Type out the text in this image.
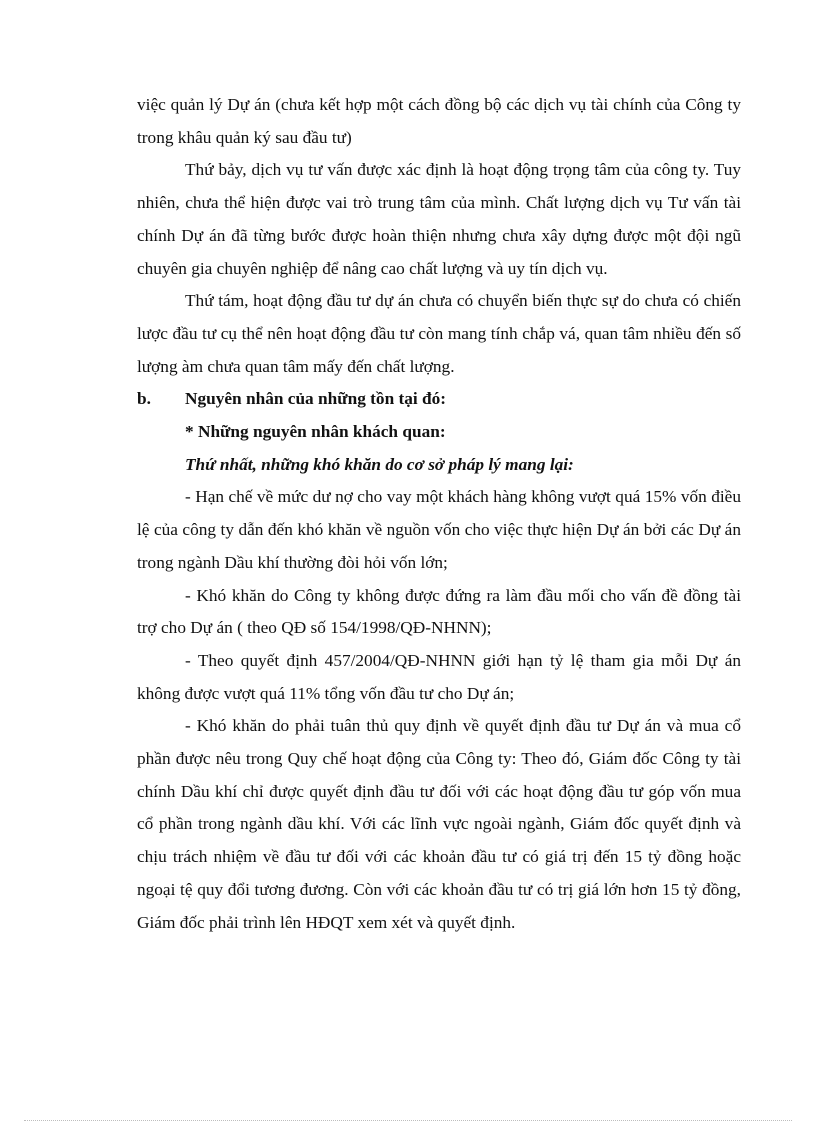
việc quản lý Dự án (chưa kết hợp một cách đồng bộ các dịch vụ tài chính của Công ty trong khâu quản ký sau đầu tư)

Thứ bảy, dịch vụ tư vấn được xác định là hoạt động trọng tâm của công ty. Tuy nhiên, chưa thể hiện được vai trò trung tâm của mình. Chất lượng dịch vụ Tư vấn tài chính Dự án đã từng bước được hoàn thiện nhưng chưa xây dựng được một đội ngũ chuyên gia chuyên nghiệp để nâng cao chất lượng và uy tín dịch vụ.

Thứ tám, hoạt động đầu tư dự án chưa có chuyển biến thực sự do chưa có chiến lược đầu tư cụ thể nên hoạt động đầu tư còn mang tính chắp vá, quan tâm nhiều đến số lượng àm chưa quan tâm mấy đến chất lượng.

b. Nguyên nhân của những tồn tại đó:

* Những nguyên nhân khách quan:

Thứ nhất, những khó khăn do cơ sở pháp lý mang lại:

- Hạn chế về mức dư nợ cho vay một khách hàng không vượt quá 15% vốn điều lệ của công ty dẫn đến khó khăn về nguồn vốn cho việc thực hiện Dự án bởi các Dự án trong ngành Dầu khí thường đòi hỏi vốn lớn;

- Khó khăn do Công ty không được đứng ra làm đầu mối cho vấn đề đồng tài trợ cho Dự án ( theo QĐ số 154/1998/QĐ-NHNN);

- Theo quyết định 457/2004/QĐ-NHNN giới hạn tỷ lệ tham gia mỗi Dự án không được vượt quá 11% tổng vốn đầu tư cho Dự án;

- Khó khăn do phải tuân thủ quy định về quyết định đầu tư Dự án và mua cổ phần được nêu trong Quy chế hoạt động của Công ty: Theo đó, Giám đốc Công ty tài chính Dầu khí chỉ được quyết định đầu tư đối với các hoạt động đầu tư góp vốn mua cổ phần trong ngành dầu khí. Với các lĩnh vực ngoài ngành, Giám đốc quyết định và chịu trách nhiệm về đầu tư đối với các khoản đầu tư có giá trị đến 15 tỷ đồng hoặc ngoại tệ quy đổi tương đương. Còn với các khoản đầu tư có trị giá lớn hơn 15 tỷ đồng, Giám đốc phải trình lên HĐQT xem xét và quyết định.
